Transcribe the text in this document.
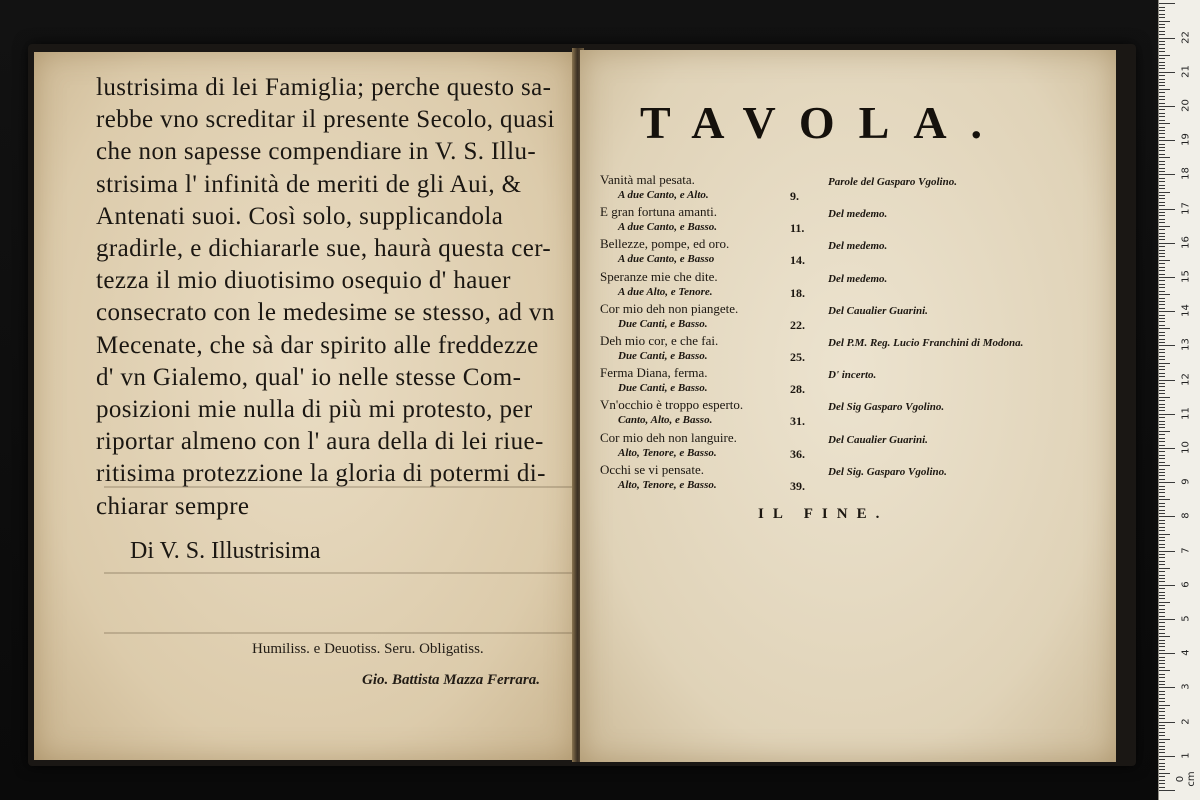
lustrisima di lei Famiglia; perche questo sa-
rebbe vno screditar il presente Secolo, quasi
che non sapesse compendiare in V. S. Illu-
strisima l' infinità de meriti de gli Aui, &
Antenati suoi. Così solo, supplicandola
gradirle, e dichiararle sue, haurà questa cer-
tezza il mio diuotisimo osequio d' hauer
consecrato con le medesime se stesso, ad vn
Mecenate, che sà dar spirito alle freddezze
d' vn Gialemo, qual' io nelle stesse Com-
posizioni mie nulla di più mi protesto, per
riportar almeno con l' aura della di lei riue-
ritisima protezzione la gloria di potermi di-
chiarar sempre
Di V. S. Illustrisima
Humiliss. e Deuotiss. Seru. Obligatiss.
Gio. Battista Mazza Ferrara.
TAVOLA.
Vanità mal pesata.
A due Canto, e Alto.	9.
Parole del Gasparo Vgolino.
E gran fortuna amanti.
A due Canto, e Basso.	11.
Del medemo.
Bellezze, pompe, ed oro.
A due Canto, e Basso	14.
Del medemo.
Speranze mie che dite.
A due Alto, e Tenore.	18.
Del medemo.
Cor mio deh non piangete.
Due Canti, e Basso.	22.
Del Caualier Guarini.
Deh mio cor, e che fai.
Due Canti, e Basso.	25.
Del P.M. Reg. Lucio Franchini di Modona.
Ferma Diana, ferma.
Due Canti, e Basso.	28.
D' incerto.
Vn'occhio è troppo esperto.
Canto, Alto, e Basso.	31.
Del Sig Gasparo Vgolino.
Cor mio deh non languire.
Alto, Tenore, e Basso.	36.
Del Caualier Guarini.
Occhi se vi pensate.
Alto, Tenore, e Basso.	39.
Del Sig. Gasparo Vgolino.
IL FINE.
0 cm
1
2
3
4
5
6
7
8
9
10
11
12
13
14
15
16
17
18
19
20
21
22
